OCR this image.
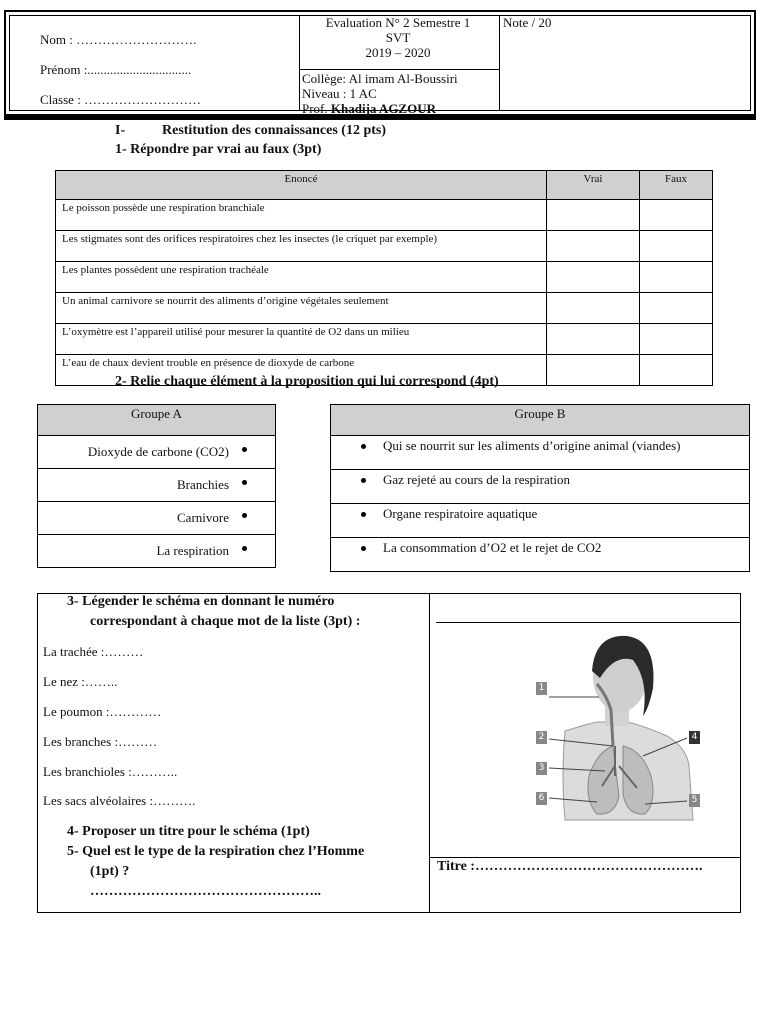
Nom : ……………………….
Prénom :................................
Classe : ………………………
Evaluation N° 2 Semestre 1
SVT
2019 – 2020
Collège: Al imam Al-Boussiri
Niveau : 1 AC
Prof. Khadija AGZOUR
Note / 20
I-	Restitution des connaissances (12 pts)
1- Répondre par vrai au faux (3pt)
Enoncé	Vrai	Faux
Le poisson possède une respiration branchiale		
Les stigmates sont des orifices respiratoires chez les insectes (le criquet par exemple)		
Les plantes possèdent une respiration trachéale		
Un animal carnivore se nourrit des aliments d’origine végétales seulement		
L’oxymètre est l’appareil utilisé pour mesurer la quantité de O2 dans un milieu		
L’eau de chaux devient trouble en présence de dioxyde de carbone		
2- Relie chaque élément à la proposition qui lui correspond (4pt)
Groupe A
Dioxyde de carbone (CO2)

Branchies

Carnivore

La respiration
Groupe B

Qui se nourrit sur les aliments d’origine animal (viandes)

Gaz rejeté au cours de la respiration

Organe respiratoire aquatique

La consommation d’O2 et le rejet de CO2
3- Légender le schéma en donnant le numéro
correspondant à chaque mot de la liste (3pt) :
La trachée :………
Le nez :……..
Le poumon :…………
Les branches :………
Les branchioles :………..
Les sacs alvéolaires :……….
4- Proposer un titre pour le schéma (1pt)
5- Quel est le type de la respiration chez l’Homme
(1pt) ?
…………………………………………..
Titre :………………………………………….
1
2
3
4
5
6
